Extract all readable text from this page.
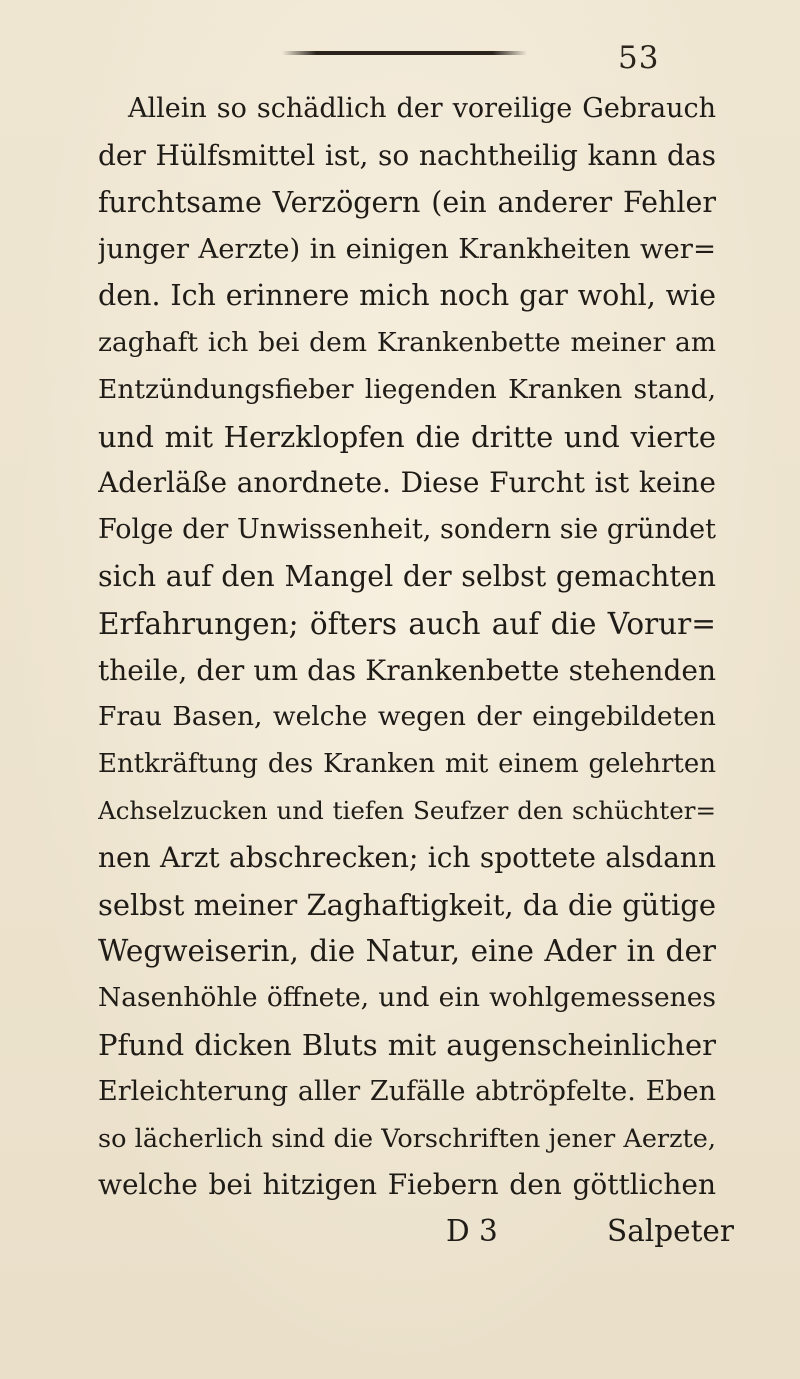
53
Allein so schädlich der voreilige Gebrauch
der Hülfsmittel ist, so nachtheilig kann das
furchtsame Verzögern (ein anderer Fehler
junger Aerzte) in einigen Krankheiten wer=
den. Ich erinnere mich noch gar wohl, wie
zaghaft ich bei dem Krankenbette meiner am
Entzündungsfieber liegenden Kranken stand,
und mit Herzklopfen die dritte und vierte
Aderläße anordnete. Diese Furcht ist keine
Folge der Unwissenheit, sondern sie gründet
sich auf den Mangel der selbst gemachten
Erfahrungen; öfters auch auf die Vorur=
theile, der um das Krankenbette stehenden
Frau Basen, welche wegen der eingebildeten
Entkräftung des Kranken mit einem gelehrten
Achselzucken und tiefen Seufzer den schüchter=
nen Arzt abschrecken; ich spottete alsdann
selbst meiner Zaghaftigkeit, da die gütige
Wegweiserin, die Natur, eine Ader in der
Nasenhöhle öffnete, und ein wohlgemessenes
Pfund dicken Bluts mit augenscheinlicher
Erleichterung aller Zufälle abtröpfelte. Eben
so lächerlich sind die Vorschriften jener Aerzte,
welche bei hitzigen Fiebern den göttlichen
D 3	Salpeter
